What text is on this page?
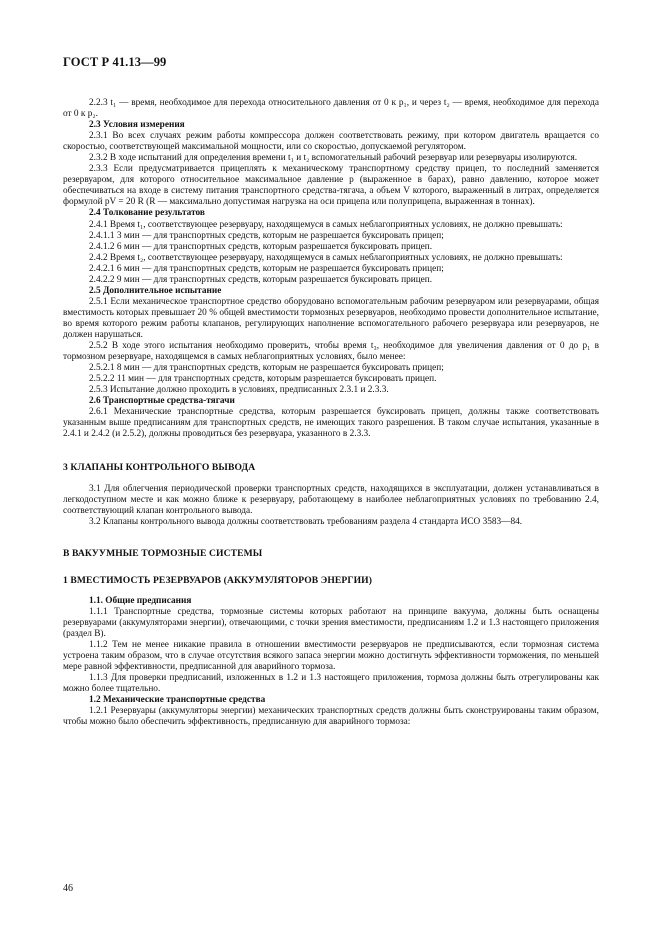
ГОСТ Р 41.13—99

2.2.3 t₁ — время, необходимое для перехода относительного давления от 0 к p₁, и через t₂ — время, необходимое для перехода от 0 к p₂.

2.3 Условия измерения

2.3.1 Во всех случаях режим работы компрессора должен соответствовать режиму, при котором двигатель вращается со скоростью, соответствующей максимальной мощности, или со скоростью, допускаемой регулятором.

2.3.2 В ходе испытаний для определения времени t₁ и t₂ вспомогательный рабочий резервуар или резервуары изолируются.

2.3.3 Если предусматривается прицеплять к механическому транспортному средству прицеп, то последний заменяется резервуаром, для которого относительное максимальное давление p (выраженное в барах), равно давлению, которое может обеспечиваться на входе в систему питания транспортного средства-тягача, а объем V которого, выраженный в литрах, определяется формулой pV = 20 R (R — максимально допустимая нагрузка на оси прицепа или полуприцепа, выраженная в тоннах).

2.4 Толкование результатов

2.4.1 Время t₁, соответствующее резервуару, находящемуся в самых неблагоприятных условиях, не должно превышать:

2.4.1.1 3 мин — для транспортных средств, которым не разрешается буксировать прицеп;

2.4.1.2 6 мин — для транспортных средств, которым разрешается буксировать прицеп.

2.4.2 Время t₂, соответствующее резервуару, находящемуся в самых неблагоприятных условиях, не должно превышать:

2.4.2.1 6 мин — для транспортных средств, которым не разрешается буксировать прицеп;

2.4.2.2 9 мин — для транспортных средств, которым разрешается буксировать прицеп.

2.5 Дополнительное испытание

2.5.1 Если механическое транспортное средство оборудовано вспомогательным рабочим резервуаром или резервуарами, общая вместимость которых превышает 20 % общей вместимости тормозных резервуаров, необходимо провести дополнительное испытание, во время которого режим работы клапанов, регулирующих наполнение вспомогательного рабочего резервуара или резервуаров, не должен нарушаться.

2.5.2 В ходе этого испытания необходимо проверить, чтобы время t₃, необходимое для увеличения давления от 0 до p₁ в тормозном резервуаре, находящемся в самых неблагоприятных условиях, было менее:

2.5.2.1 8 мин — для транспортных средств, которым не разрешается буксировать прицеп;

2.5.2.2 11 мин — для транспортных средств, которым разрешается буксировать прицеп.

2.5.3 Испытание должно проходить в условиях, предписанных 2.3.1 и 2.3.3.

2.6 Транспортные средства-тягачи

2.6.1 Механические транспортные средства, которым разрешается буксировать прицеп, должны также соответствовать указанным выше предписаниям для транспортных средств, не имеющих такого разрешения. В таком случае испытания, указанные в 2.4.1 и 2.4.2 (и 2.5.2), должны проводиться без резервуара, указанного в 2.3.3.

3 КЛАПАНЫ КОНТРОЛЬНОГО ВЫВОДА

3.1 Для облегчения периодической проверки транспортных средств, находящихся в эксплуатации, должен устанавливаться в легкодоступном месте и как можно ближе к резервуару, работающему в наиболее неблагоприятных условиях по требованию 2.4, соответствующий клапан контрольного вывода.

3.2 Клапаны контрольного вывода должны соответствовать требованиям раздела 4 стандарта ИСО 3583—84.

В ВАКУУМНЫЕ ТОРМОЗНЫЕ СИСТЕМЫ
1 ВМЕСТИМОСТЬ РЕЗЕРВУАРОВ (АККУМУЛЯТОРОВ ЭНЕРГИИ)

1.1. Общие предписания

1.1.1 Транспортные средства, тормозные системы которых работают на принципе вакуума, должны быть оснащены резервуарами (аккумуляторами энергии), отвечающими, с точки зрения вместимости, предписаниям 1.2 и 1.3 настоящего приложения (раздел В).

1.1.2 Тем не менее никакие правила в отношении вместимости резервуаров не предписываются, если тормозная система устроена таким образом, что в случае отсутствия всякого запаса энергии можно достигнуть эффективности торможения, по меньшей мере равной эффективности, предписанной для аварийного тормоза.

1.1.3 Для проверки предписаний, изложенных в 1.2 и 1.3 настоящего приложения, тормоза должны быть отрегулированы как можно более тщательно.

1.2 Механические транспортные средства

1.2.1 Резервуары (аккумуляторы энергии) механических транспортных средств должны быть сконструированы таким образом, чтобы можно было обеспечить эффективность, предписанную для аварийного тормоза:

46
